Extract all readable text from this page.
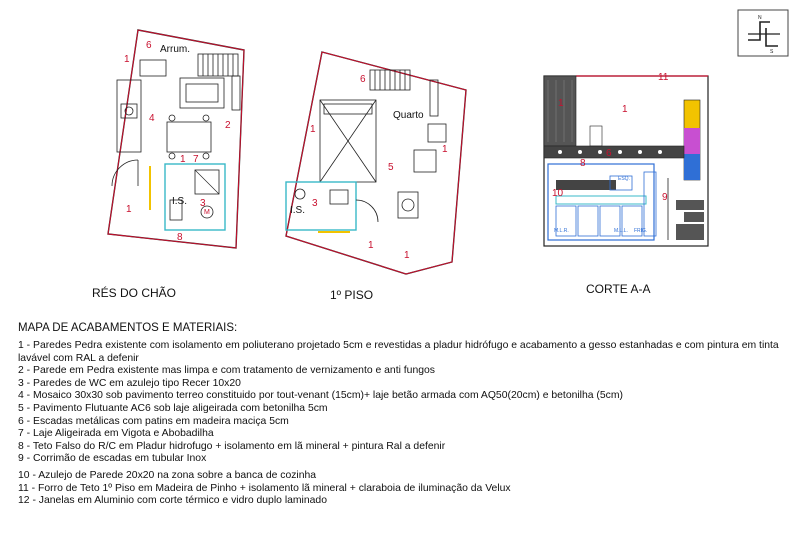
6
4
2
1
1
1
3
8
7
M
Arrum.
I.S.
6
1
1
5
1
3
1
Quarto
I.S.
11
1
1
6
8
10	9
ESQ.
M.L.R.	M.L.L. FRIG.
N
S
RÉS DO CHÃO	1º PISO	CORTE A-A
MAPA DE ACABAMENTOS E MATERIAIS:
1 - Paredes Pedra existente com isolamento em poliuterano projetado 5cm e revestidas a pladur hidrófugo e acabamento a gesso estanhadas e com pintura em tinta lavável com RAL a defenir
2 - Parede em Pedra existente mas limpa e com tratamento de vernizamento e anti fungos
3 - Paredes de WC em azulejo tipo Recer 10x20
4 - Mosaico 30x30 sob pavimento terreo constituido por tout-venant (15cm)+ laje betão armada com AQ50(20cm) e betonilha (5cm)
5 - Pavimento Flutuante AC6 sob laje aligeirada com betonilha 5cm
6 - Escadas metálicas com patins em madeira maciça 5cm
7 - Laje Aligeirada em Vigota e Abobadilha
8 - Teto Falso do R/C em Pladur hidrofugo + isolamento em lã mineral + pintura Ral a defenir
9 - Corrimão de escadas em tubular Inox
10 - Azulejo de Parede 20x20 na zona sobre a banca de cozinha
11 - Forro de Teto 1º Piso em Madeira de Pinho + isolamento lã mineral + claraboia de iluminação da Velux
12 - Janelas em Aluminio com corte térmico e vidro duplo laminado
